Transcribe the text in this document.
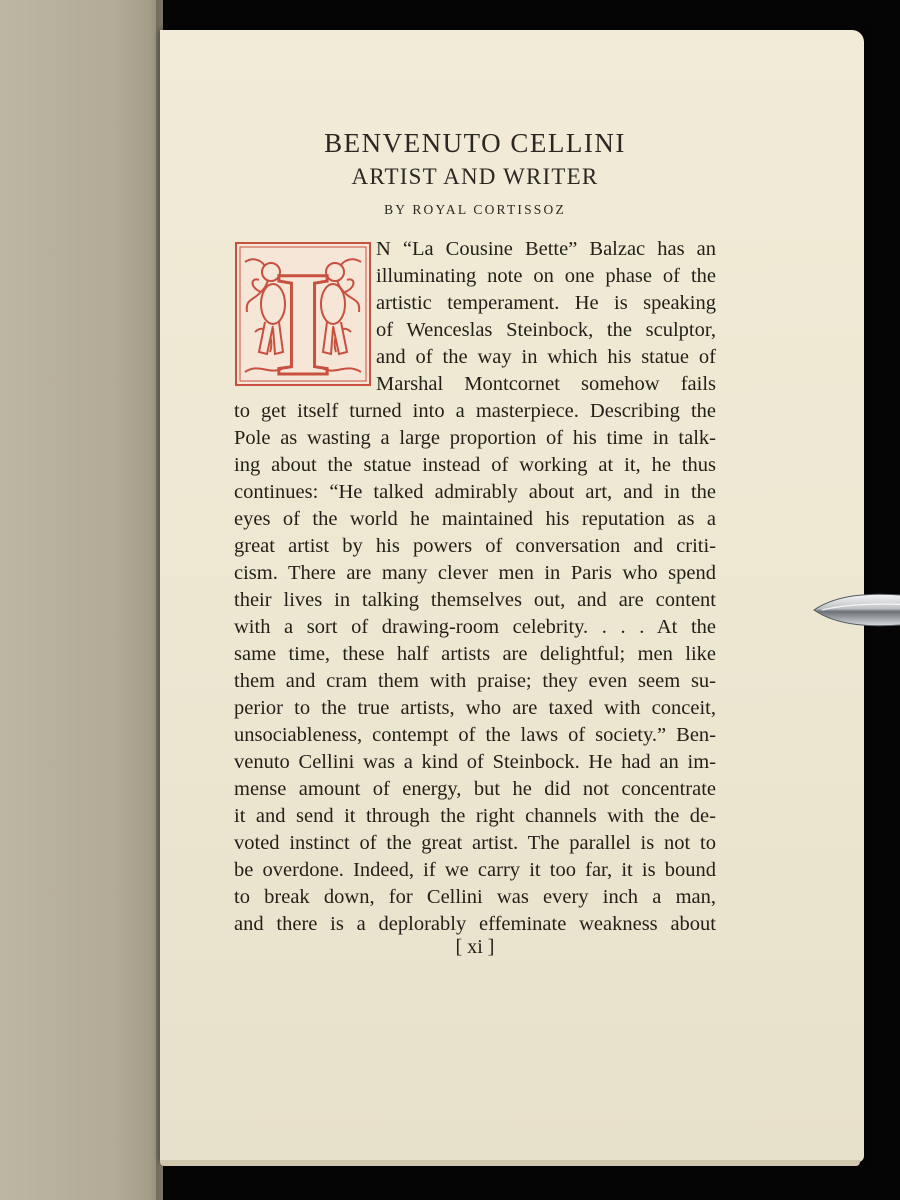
BENVENUTO CELLINI
ARTIST AND WRITER
BY ROYAL CORTISSOZ
I N “La Cousine Bette” Balzac has an
illuminating note on one phase of the
artistic temperament. He is speaking
of Wenceslas Steinbock, the sculptor,
and of the way in which his statue of
Marshal Montcornet somehow fails
to get itself turned into a masterpiece. Describing the
Pole as wasting a large proportion of his time in talk-
ing about the statue instead of working at it, he thus
continues: “He talked admirably about art, and in the
eyes of the world he maintained his reputation as a
great artist by his powers of conversation and criti-
cism. There are many clever men in Paris who spend
their lives in talking themselves out, and are content
with a sort of drawing-room celebrity. . . . At the
same time, these half artists are delightful; men like
them and cram them with praise; they even seem su-
perior to the true artists, who are taxed with conceit,
unsociableness, contempt of the laws of society.” Ben-
venuto Cellini was a kind of Steinbock. He had an im-
mense amount of energy, but he did not concentrate
it and send it through the right channels with the de-
voted instinct of the great artist. The parallel is not to
be overdone. Indeed, if we carry it too far, it is bound
to break down, for Cellini was every inch a man,
and there is a deplorably effeminate weakness about
[ xi ]
